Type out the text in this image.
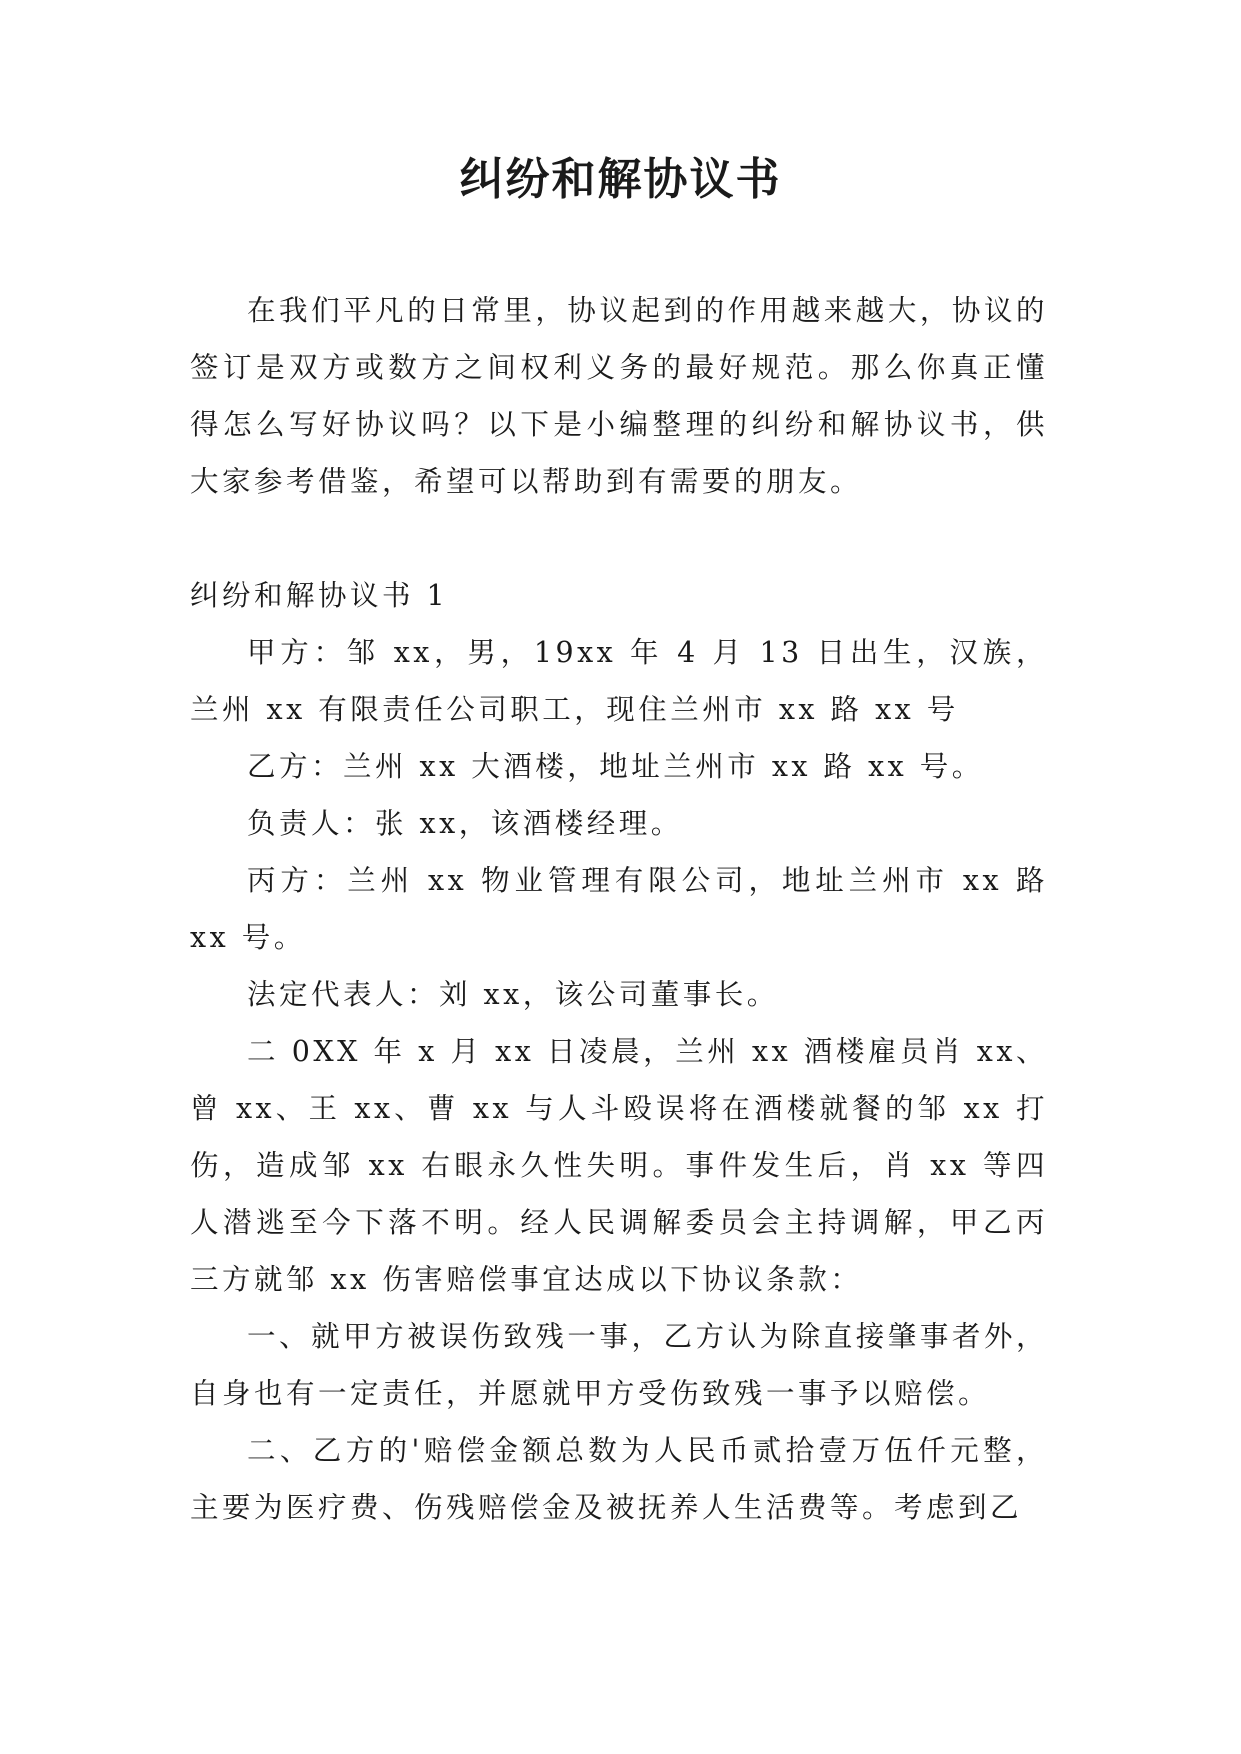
纠纷和解协议书

在我们平凡的日常里，协议起到的作用越来越大，协议的签订是双方或数方之间权利义务的最好规范。那么你真正懂得怎么写好协议吗？以下是小编整理的纠纷和解协议书，供大家参考借鉴，希望可以帮助到有需要的朋友。

纠纷和解协议书 1

甲方：邹 xx，男，19xx 年 4 月 13 日出生，汉族，兰州 xx 有限责任公司职工，现住兰州市 xx 路 xx 号

乙方：兰州 xx 大酒楼，地址兰州市 xx 路 xx 号。

负责人：张 xx，该酒楼经理。

丙方：兰州 xx 物业管理有限公司，地址兰州市 xx 路 xx 号。

法定代表人：刘 xx，该公司董事长。

二 0XX 年 x 月 xx 日凌晨，兰州 xx 酒楼雇员肖 xx、曾 xx、王 xx、曹 xx 与人斗殴误将在酒楼就餐的邹 xx 打伤，造成邹 xx 右眼永久性失明。事件发生后，肖 xx 等四人潜逃至今下落不明。经人民调解委员会主持调解，甲乙丙三方就邹 xx 伤害赔偿事宜达成以下协议条款：

一、就甲方被误伤致残一事，乙方认为除直接肇事者外，自身也有一定责任，并愿就甲方受伤致残一事予以赔偿。

二、乙方的'赔偿金额总数为人民币贰拾壹万伍仟元整，主要为医疗费、伤残赔偿金及被抚养人生活费等。考虑到乙
